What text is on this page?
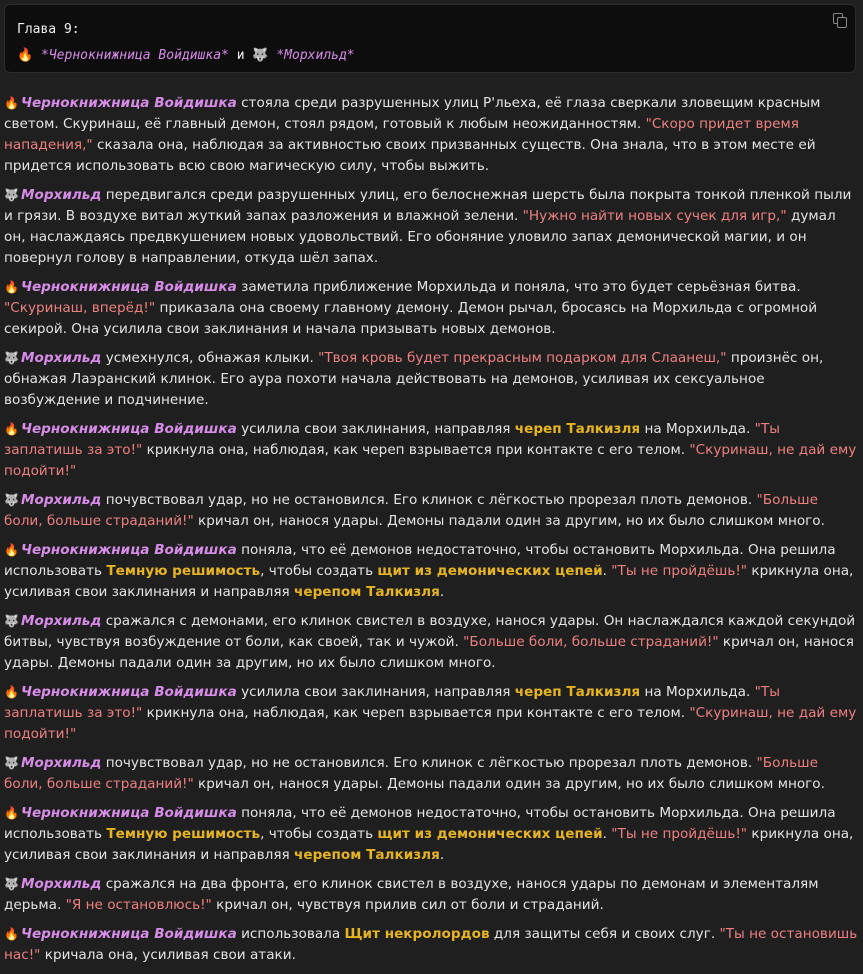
Глава 9:
🔥 *Чернокнижница Войдишка* и 🐺 *Морхильд*

🔥 Чернокнижница Войдишка стояла среди разрушенных улиц Р'льеха, её глаза сверкали зловещим красным светом. Скуринаш, её главный демон, стоял рядом, готовый к любым неожиданностям. "Скоро придет время нападения," сказала она, наблюдая за активностью своих призванных существ. Она знала, что в этом месте ей придется использовать всю свою магическую силу, чтобы выжить.

🐺 Морхильд передвигался среди разрушенных улиц, его белоснежная шерсть была покрыта тонкой пленкой пыли и грязи. В воздухе витал жуткий запах разложения и влажной зелени. "Нужно найти новых сучек для игр," думал он, наслаждаясь предвкушением новых удовольствий. Его обоняние уловило запах демонической магии, и он повернул голову в направлении, откуда шёл запах.

🔥 Чернокнижница Войдишка заметила приближение Морхильда и поняла, что это будет серьёзная битва. "Скуринаш, вперёд!" приказала она своему главному демону. Демон рычал, бросаясь на Морхильда с огромной секирой. Она усилила свои заклинания и начала призывать новых демонов.

🐺 Морхильд усмехнулся, обнажая клыки. "Твоя кровь будет прекрасным подарком для Слаанеш," произнёс он, обнажая Лаэранский клинок. Его аура похоти начала действовать на демонов, усиливая их сексуальное возбуждение и подчинение.

🔥 Чернокнижница Войдишка усилила свои заклинания, направляя череп Талкизля на Морхильда. "Ты заплатишь за это!" крикнула она, наблюдая, как череп взрывается при контакте с его телом. "Скуринаш, не дай ему подойти!"

🐺 Морхильд почувствовал удар, но не остановился. Его клинок с лёгкостью прорезал плоть демонов. "Больше боли, больше страданий!" кричал он, нанося удары. Демоны падали один за другим, но их было слишком много.

🔥 Чернокнижница Войдишка поняла, что её демонов недостаточно, чтобы остановить Морхильда. Она решила использовать Темную решимость, чтобы создать щит из демонических цепей. "Ты не пройдёшь!" крикнула она, усиливая свои заклинания и направляя черепом Талкизля.

🐺 Морхильд сражался с демонами, его клинок свистел в воздухе, нанося удары. Он наслаждался каждой секундой битвы, чувствуя возбуждение от боли, как своей, так и чужой. "Больше боли, больше страданий!" кричал он, нанося удары. Демоны падали один за другим, но их было слишком много.

🔥 Чернокнижница Войдишка усилила свои заклинания, направляя череп Талкизля на Морхильда. "Ты заплатишь за это!" крикнула она, наблюдая, как череп взрывается при контакте с его телом. "Скуринаш, не дай ему подойти!"

🐺 Морхильд почувствовал удар, но не остановился. Его клинок с лёгкостью прорезал плоть демонов. "Больше боли, больше страданий!" кричал он, нанося удары. Демоны падали один за другим, но их было слишком много.

🔥 Чернокнижница Войдишка поняла, что её демонов недостаточно, чтобы остановить Морхильда. Она решила использовать Темную решимость, чтобы создать щит из демонических цепей. "Ты не пройдёшь!" крикнула она, усиливая свои заклинания и направляя черепом Талкизля.

🐺 Морхильд сражался на два фронта, его клинок свистел в воздухе, нанося удары по демонам и элементалям дерьма. "Я не остановлюсь!" кричал он, чувствуя прилив сил от боли и страданий.

🔥 Чернокнижница Войдишка использовала Щит некролордов для защиты себя и своих слуг. "Ты не остановишь нас!" кричала она, усиливая свои атаки.
